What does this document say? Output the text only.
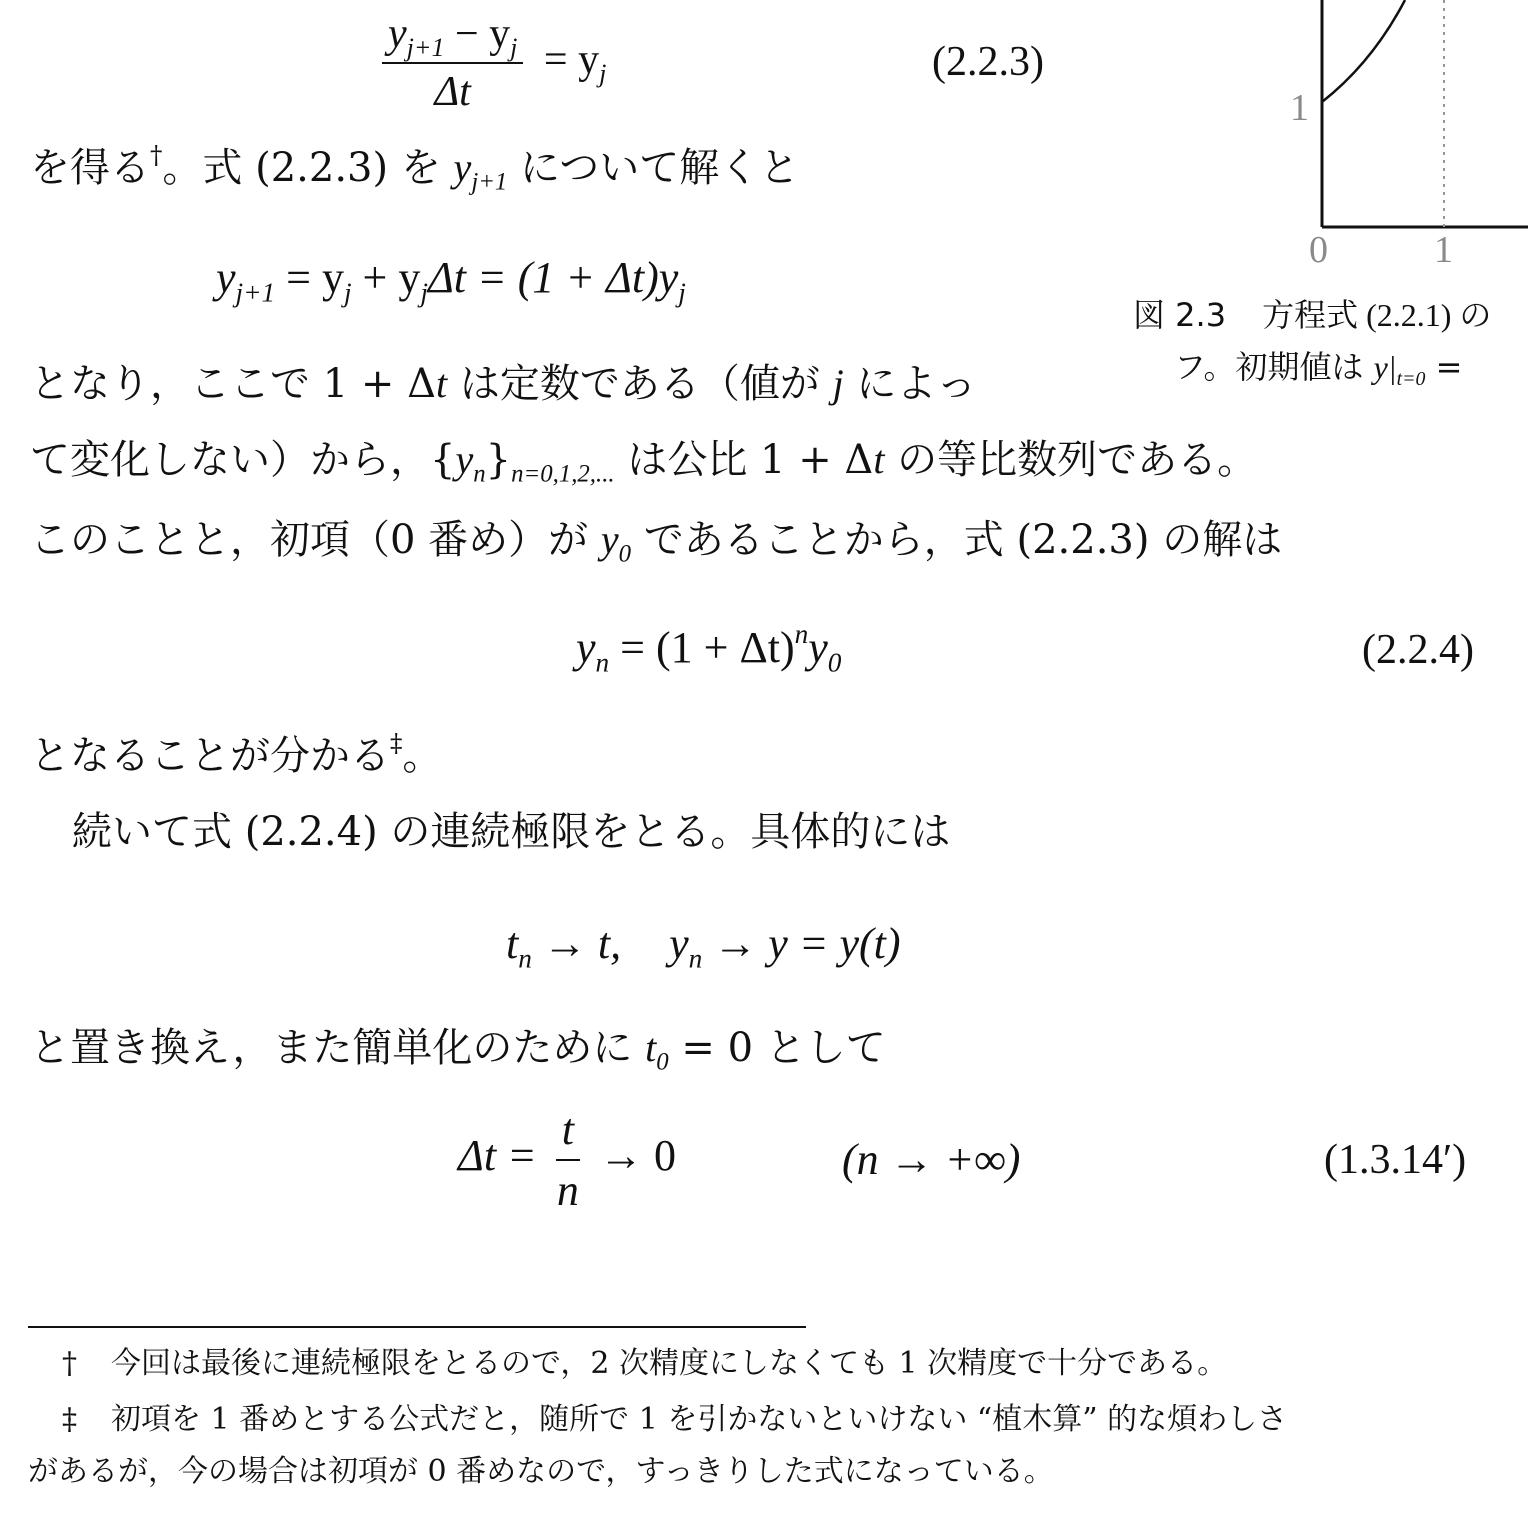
$\frac{y_{j+1} - y_j}{\Delta t} = y_j$	(2.2.3)
を得る†。式 (2.2.3) を $y_{j+1}$ について解くと
$y_{j+1} = y_j + y_j\Delta t = (1 + \Delta t)y_j$
となり，ここで 1 + Δt は定数である（値が j によっ
て変化しない）から，$\{y_n\}_{n=0,1,2,...}$ は公比 1 + Δt の等比数列である。
このことと，初項（0 番め）が $y_0$ であることから，式 (2.2.3) の解は
$y_n = (1 + \Delta t)^ny_0$	(2.2.4)
となることが分かる‡。
続いて式 (2.2.4) の連続極限をとる。具体的には
$t_n \to t$, $y_n \to y = y(t)$
と置き換え，また簡単化のために $t_0 = 0$ として
$\Delta t = \frac{t}{n} \to 0$	(n → +∞)	(1.3.14′)
1
0	1
図 2.3 方程式 (2.2.1) の
フ。初期値は $y|_{t=0}$ =
† 今回は最後に連続極限をとるので，2 次精度にしなくても 1 次精度で十分である。
‡ 初項を 1 番めとする公式だと，随所で 1 を引かないといけない “植木算” 的な煩わしさ
があるが，今の場合は初項が 0 番めなので，すっきりした式になっている。
